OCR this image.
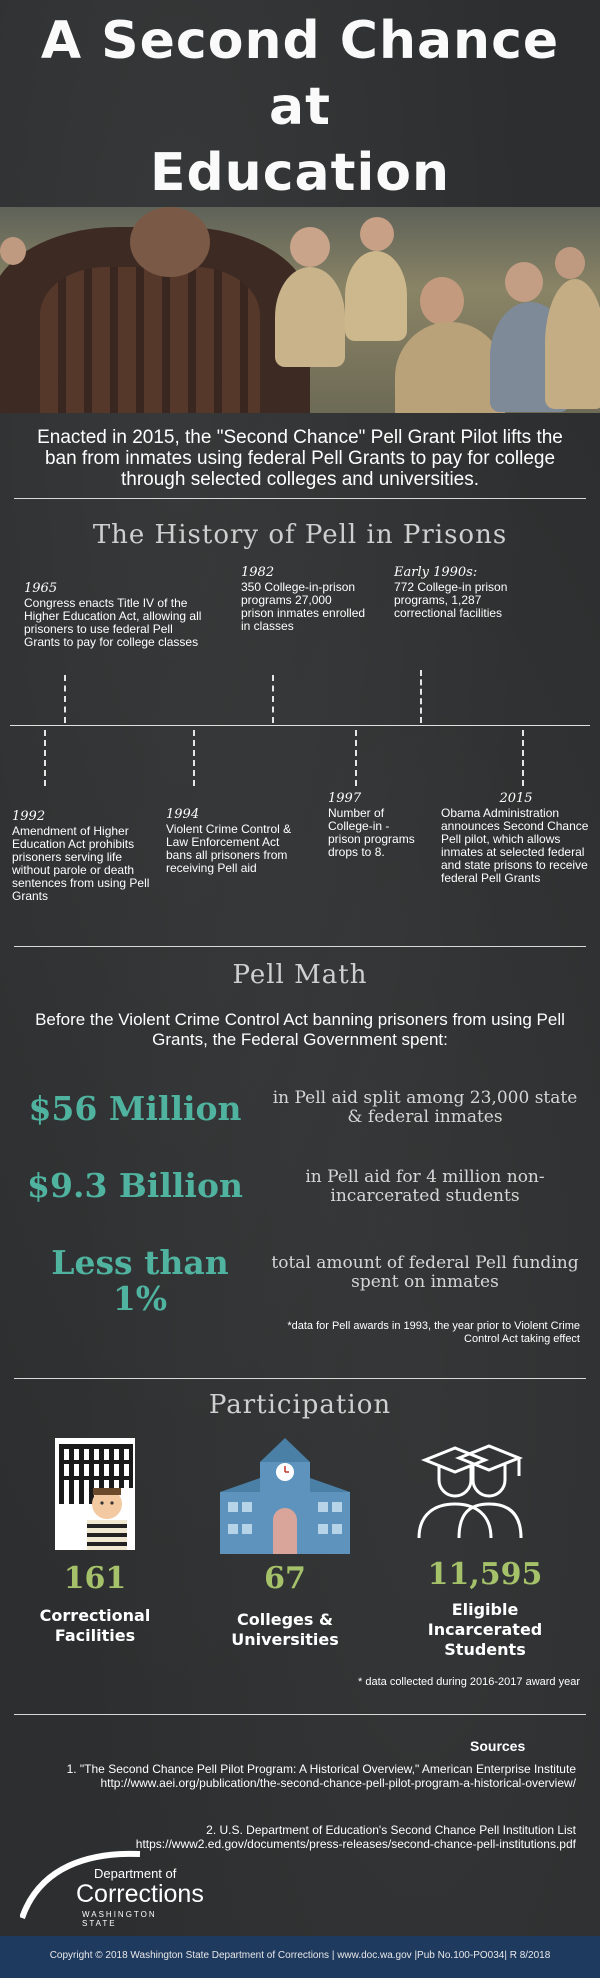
A Second Chance
at
Education
Enacted in 2015, the "Second Chance" Pell Grant Pilot lifts the ban from inmates using federal Pell Grants to pay for college through selected colleges and universities.
The History of Pell in Prisons
1965
Congress enacts Title IV of the Higher Education Act, allowing all prisoners to use federal Pell Grants to pay for college classes
1982
350 College-in-prison programs 27,000 prison inmates enrolled in classes
Early 1990s:
772 College-in prison programs, 1,287 correctional facilities
1992
Amendment of Higher Education Act prohibits prisoners serving life without parole or death sentences from using Pell Grants
1994
Violent Crime Control & Law Enforcement Act bans all prisoners from receiving Pell aid
1997
Number of College-in - prison programs drops to 8.
2015
Obama Administration announces Second Chance Pell pilot, which allows inmates at selected federal and state prisons to receive federal Pell Grants
Pell Math
Before the Violent Crime Control Act banning prisoners from using Pell Grants, the Federal Government spent:
$56 Million	in Pell aid split among 23,000 state & federal inmates
$9.3 Billion	in Pell aid for 4 million non-incarcerated students
Less than 1%
total amount of federal Pell funding spent on inmates
*data for Pell awards in 1993, the year prior to Violent Crime Control Act taking effect
Participation
161	67	11,595
Correctional Facilities
Colleges & Universities
Eligible Incarcerated Students
* data collected during 2016-2017 award year
Sources
1. "The Second Chance Pell Pilot Program: A Historical Overview," American Enterprise Institute http://www.aei.org/publication/the-second-chance-pell-pilot-program-a-historical-overview/
2. U.S. Department of Education's Second Chance Pell Institution List https://www2.ed.gov/documents/press-releases/second-chance-pell-institutions.pdf
Department of
Corrections
WASHINGTON STATE
Copyright © 2018 Washington State Department of Corrections | www.doc.wa.gov |Pub No.100-PO034| R 8/2018
